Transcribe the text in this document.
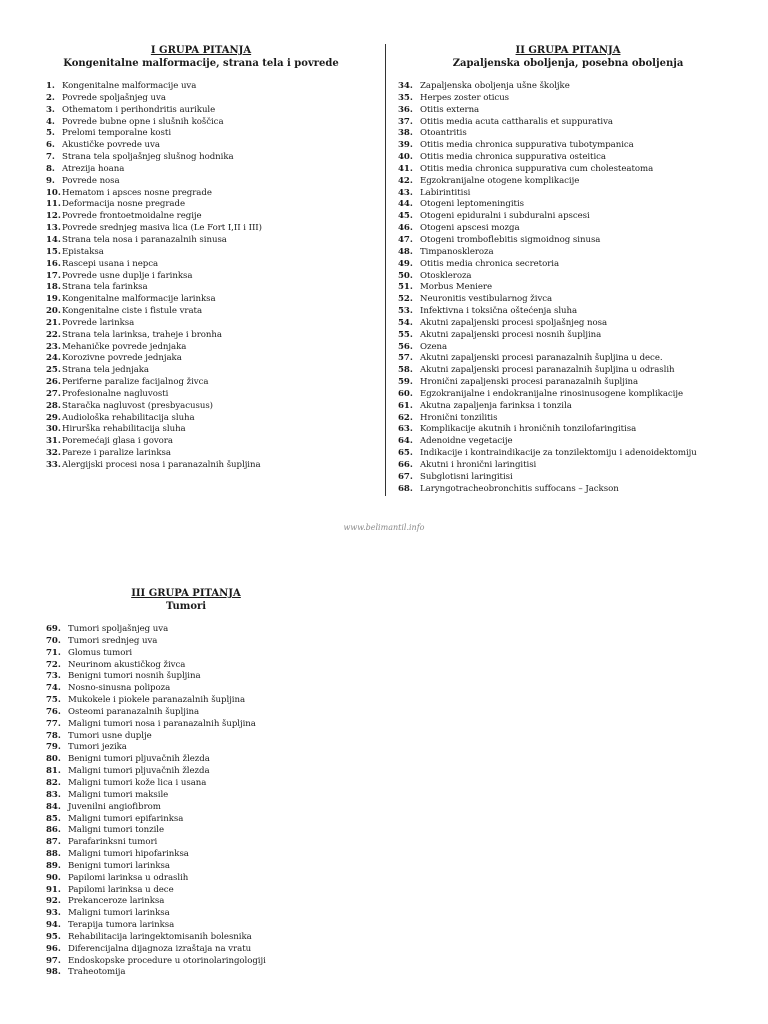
I GRUPA PITANJA
Kongenitalne malformacije, strana tela i povrede
1. Kongenitalne malformacije uva
2. Povrede spoljašnjeg uva
3. Othematom i perihondritis aurikule
4. Povrede bubne opne i slušnih koščica
5. Prelomi temporalne kosti
6. Akustičke povrede uva
7. Strana tela spoljašnjeg slušnog hodnika
8. Atrezija hoana
9. Povrede nosa
10. Hematom i apsces nosne pregrade
11. Deformacija nosne pregrade
12. Povrede frontoetmoidalne regije
13. Povrede srednjeg masiva lica (Le Fort I,II i III)
14. Strana tela nosa i paranazalnih sinusa
15. Epistaksa
16. Rascepi usana i nepca
17. Povrede usne duplje i farinksa
18. Strana tela farinksa
19. Kongenitalne malformacije larinksa
20. Kongenitalne ciste i fistule vrata
21. Povrede larinksa
22. Strana tela larinksa, traheje i bronha
23. Mehaničke povrede jednjaka
24. Korozivne povrede jednjaka
25. Strana tela jednjaka
26. Periferne paralize facijalnog živca
27. Profesionalne nagluvosti
28. Staračka nagluvost (presbyacusus)
29. Audiološka rehabilitacija sluha
30. Hirurška rehabilitacija sluha
31. Poremećaji glasa i govora
32. Pareze i paralize larinksa
33. Alergijski procesi nosa i paranazalnih šupljina
II GRUPA PITANJA
Zapaljenska oboljenja, posebna oboljenja
34. Zapaljenska oboljenja ušne školjke
35. Herpes zoster oticus
36. Otitis externa
37. Otitis media acuta cattharalis et suppurativa
38. Otoantritis
39. Otitis media chronica suppurativa tubotympanica
40. Otitis media chronica suppurativa osteitica
41. Otitis media chronica suppurativa cum cholesteatoma
42. Egzokranijalne otogene komplikacije
43. Labirintitisi
44. Otogeni leptomeningitis
45. Otogeni epiduralni i subduralni apscesi
46. Otogeni apscesi mozga
47. Otogeni tromboflebitis sigmoidnog sinusa
48. Timpanoskleroza
49. Otitis media chronica secretoria
50. Otoskleroza
51. Morbus Meniere
52. Neuronitis vestibularnog živca
53. Infektivna i toksična oštećenja sluha
54. Akutni zapaljenski procesi spoljašnjeg nosa
55. Akutni zapaljenski procesi nosnih šupljina
56. Ozena
57. Akutni zapaljenski procesi paranazalnih šupljina u dece.
58. Akutni zapaljenski procesi paranazalnih šupljina u odraslih
59. Hronični zapaljenski procesi paranazalnih šupljina
60. Egzokranijalne i endokranijalne rinosinusogene komplikacije
61. Akutna zapaljenja farinksa i tonzila
62. Hronični tonzilitis
63. Komplikacije akutnih i hroničnih tonzilofaringitisa
64. Adenoidne vegetacije
65. Indikacije i kontraindikacije za tonzilektomiju i adenoidektomiju
66. Akutni i hronični laringitisi
67. Subglotisni laringitisi
68. Laryngotracheobronchitis suffocans – Jackson
www.belimantil.info
III GRUPA PITANJA
Tumori
69. Tumori spoljašnjeg uva
70. Tumori srednjeg uva
71. Glomus tumori
72. Neurinom akustičkog živca
73. Benigni tumori nosnih šupljina
74. Nosno-sinusna polipoza
75. Mukokele i piokele paranazalnih šupljina
76. Osteomi paranazalnih šupljina
77. Maligni tumori nosa i paranazalnih šupljina
78. Tumori usne duplje
79. Tumori jezika
80. Benigni tumori pljuvačnih žlezda
81. Maligni tumori pljuvačnih žlezda
82. Maligni tumori kože lica i usana
83. Maligni tumori maksile
84. Juvenilni angiofibrom
85. Maligni tumori epifarinksa
86. Maligni tumori tonzile
87. Parafarinksni tumori
88. Maligni tumori hipofarinksa
89. Benigni tumori larinksa
90. Papilomi larinksa u odraslih
91. Papilomi larinksa u dece
92. Prekanceroze larinksa
93. Maligni tumori larinksa
94. Terapija tumora larinksa
95. Rehabilitacija laringektomisanih bolesnika
96. Diferencijalna dijagnoza izraštaja na vratu
97. Endoskopske procedure u otorinolaringologiji
98. Traheotomija
